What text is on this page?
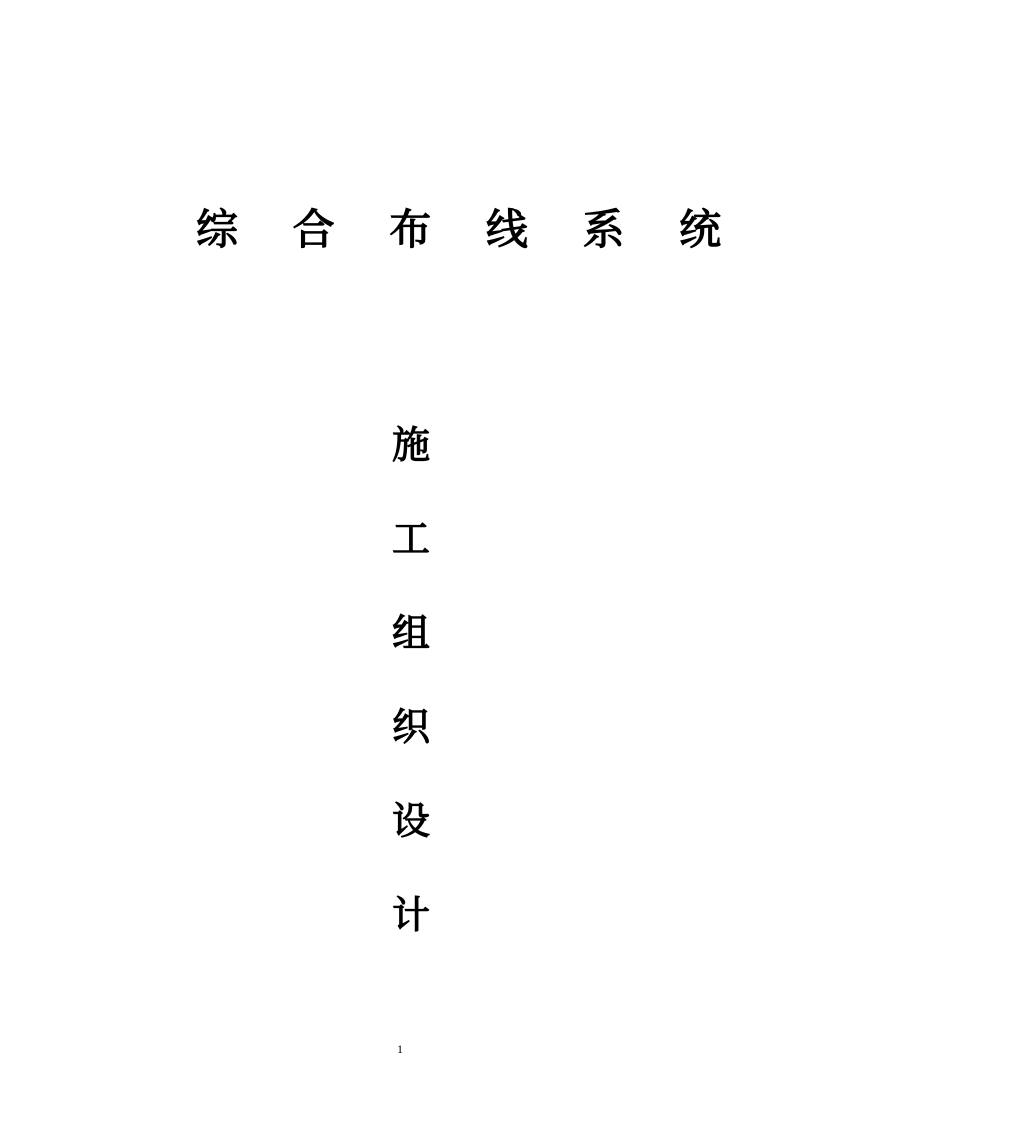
综 合 布 线 系 统
施
工
组
织
设
计
1
